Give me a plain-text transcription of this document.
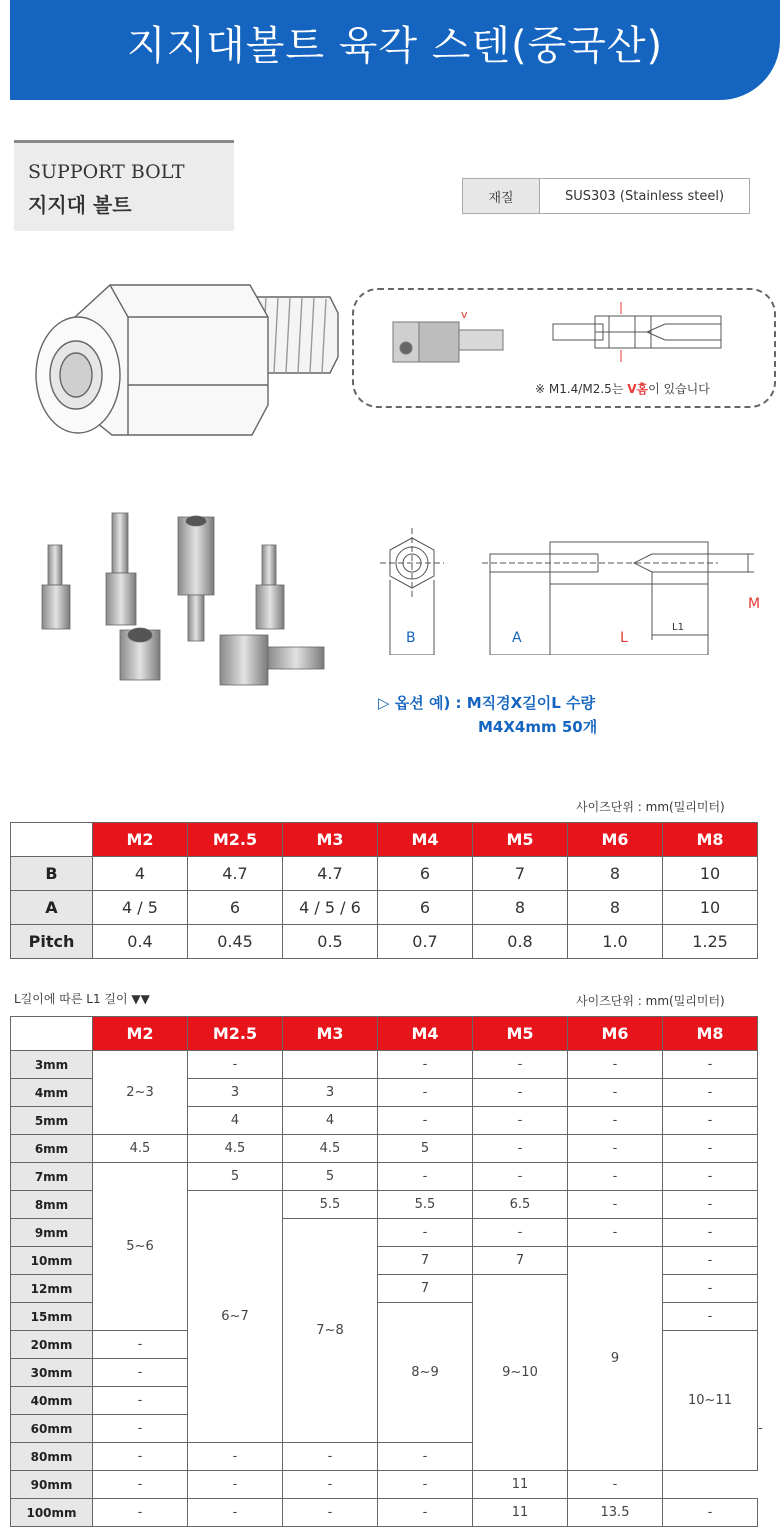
지지대볼트 육각 스텐(중국산)
SUPPORT BOLT
지지대 볼트	재질	SUS303 (Stainless steel)
v
※ M1.4/M2.5는 V홈이 있습니다
B	A	L
L1
M
▷ 옵션 예) : M직경X길이L 수량
M4X4mm 50개
사이즈단위 : mm(밀리미터)
	M2	M2.5	M3	M4	M5	M6	M8
B	4	4.7	4.7	6	7	8	10
A	4 / 5	6	4 / 5 / 6	6	8	8	10
Pitch	0.4	0.45	0.5	0.7	0.8	1.0	1.25
L길이에 따른 L1 길이 ▼▼	사이즈단위 : mm(밀리미터)
	M2	M2.5	M3	M4	M5	M6	M8	
3mm	2~3	-		-	-	-	-	
4mm		3	3	-	-	-	-	
5mm		4	4	-	-	-	-	
6mm	4.5	4.5	4.5	5	-	-	-	
7mm	5~6	5	5	-	-	-	-	
8mm		6~7	5.5	5.5	6.5	-	-	
9mm			7~8	-	-	-	-	
10mm				7	7	9	-	
12mm				7	9~10		-	
15mm				8~9			-	
20mm	-						10~11	
30mm	-							
40mm	-							
60mm	-							-
80mm	-	-	-	-				
90mm	-	-	-	-	11	-		
100mm	-	-	-	-	11	13.5	-	
